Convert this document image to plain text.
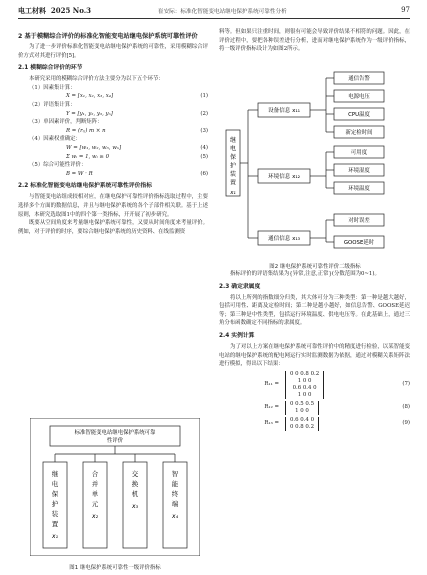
电工材料 2025 No.3	崔安际：标准化智能变电站继电保护系统可靠性分析	97
2 基于模糊综合评价的标准化智能变电站继电保护系统可靠性评价

为了进一步评价标准化智能变电站继电保护系统的可靠性，采用模糊综合评价方式对其进行评价[5]。

2.1 模糊综合评价的环节

本研究采用的模糊综合评价方法主要分为以下五个环节：

（1）因素集计算：
X = [x₁, x₂, x₃, x₄]	(1)
（2）评语集计算：
Y = [y₁, y₂, y₃, yₙ]	(2)
（3）单因素评价，判断矩阵：
R = (rᵢⱼ) m × n	(3)
（4）因素权重确定：
W = [w₁, w₂, w₃, wₙ]	(4)
Σ wᵢ = 1, wᵢ ≥ 0	(5)
（5）综合可能性评价：
B = W · R	(6)
2.2 标准化智能变电站继电保护系统可靠性评价指标

与智能变电站组成较相对应，在继电保护可靠性评价指标选取过程中，主要选择多个方面的数据信息，并且与继电保护系统的各个子部件相关联。基于上述原则，本研究选取图1中的四个第一类指标，开开展了初步研究。

既要从空间角度来考量继电保护系统可靠性，又要从时间角度来考量评价。例如，对于评价的时序，要综合继电保护系统的历史资料、在线监测资

标准智能变电站继电保护系统可靠
性评价
继
电
保
护
装
置
x₁
合
并
单
元
x₂
交
换
机
x₃
智
能
终
端
x₄
图1 继电保护系统可靠性一级评价指标

料等。但如果只注重时间，则很有可能会导致评价结果不相符的问题。因此，在评价过程中，要把各种误差进行分析，进而对继电保护系统作为一级评价指标，将一级评价指标设计为如图2所示。

继
电
保
护
装
置
x₁
设备信息 x₁₁
通信告警
电源电压
CPU温度
新定检时间
环境信息 x₁₂
可用度
环境湿度
环境温度
通信信息 x₁₃
对时误差
GOOSE延时
图2 继电保护系统可靠性评价二级指标

指标评价的评语集结果为{异常,注意,正常}(分数范围为0~1)。

2.3 确定隶属度

将以上所列的指数细分归类，其大体可分为三种类型：第一种是越大越好，包括可用性、距离及定检时间；第二种是越小越好，如信息告警、GOOSE延迟等；第三种是中性类型，包括运行环境温度、供电电压等。在此基础上，通过三角分布函数确定不同指标的隶属度。

2.4 实例计算

为了对以上方案在继电保护系统可靠性评价中的精度进行检验，以某智能变电站的继电保护系统的配电网运行实时监测数据为依据，通过对模糊关系矩阵法进行模拟，得出以下结果：

R₁₁ =
0 0 0.8 0.2
1 0 0
0.6 0.4 0
1 0 0
(7)
R₁₂ =
0 0.5 0.5
1 0 0
(8)
R₁₃ =
0.6 0.4 0
0 0.8 0.2
(9)
